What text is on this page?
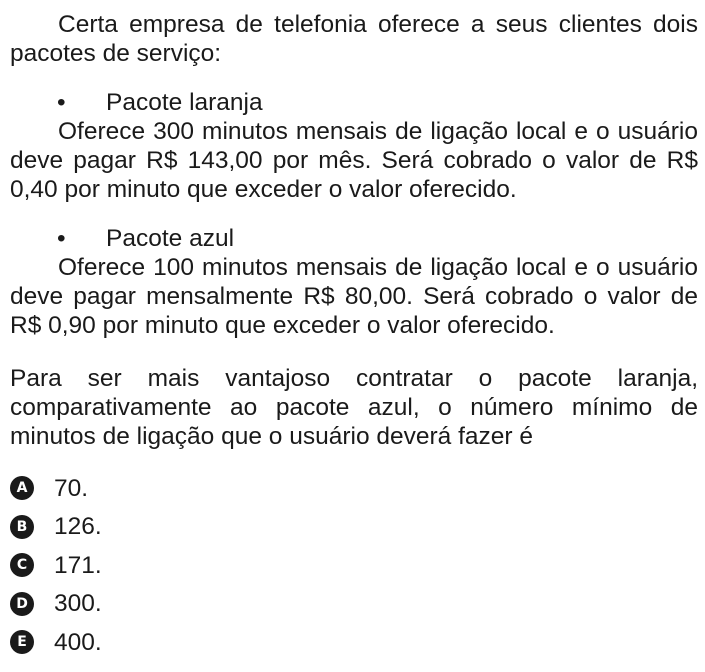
Certa empresa de telefonia oferece a seus clientes dois pacotes de serviço:

• Pacote laranja

Oferece 300 minutos mensais de ligação local e o usuário deve pagar R$ 143,00 por mês. Será cobrado o valor de R$ 0,40 por minuto que exceder o valor oferecido.

• Pacote azul

Oferece 100 minutos mensais de ligação local e o usuário deve pagar mensalmente R$ 80,00. Será cobrado o valor de R$ 0,90 por minuto que exceder o valor oferecido.

Para ser mais vantajoso contratar o pacote laranja, comparativamente ao pacote azul, o número mínimo de minutos de ligação que o usuário deverá fazer é

A 70.
B 126.
C 171.
D 300.
E 400.
